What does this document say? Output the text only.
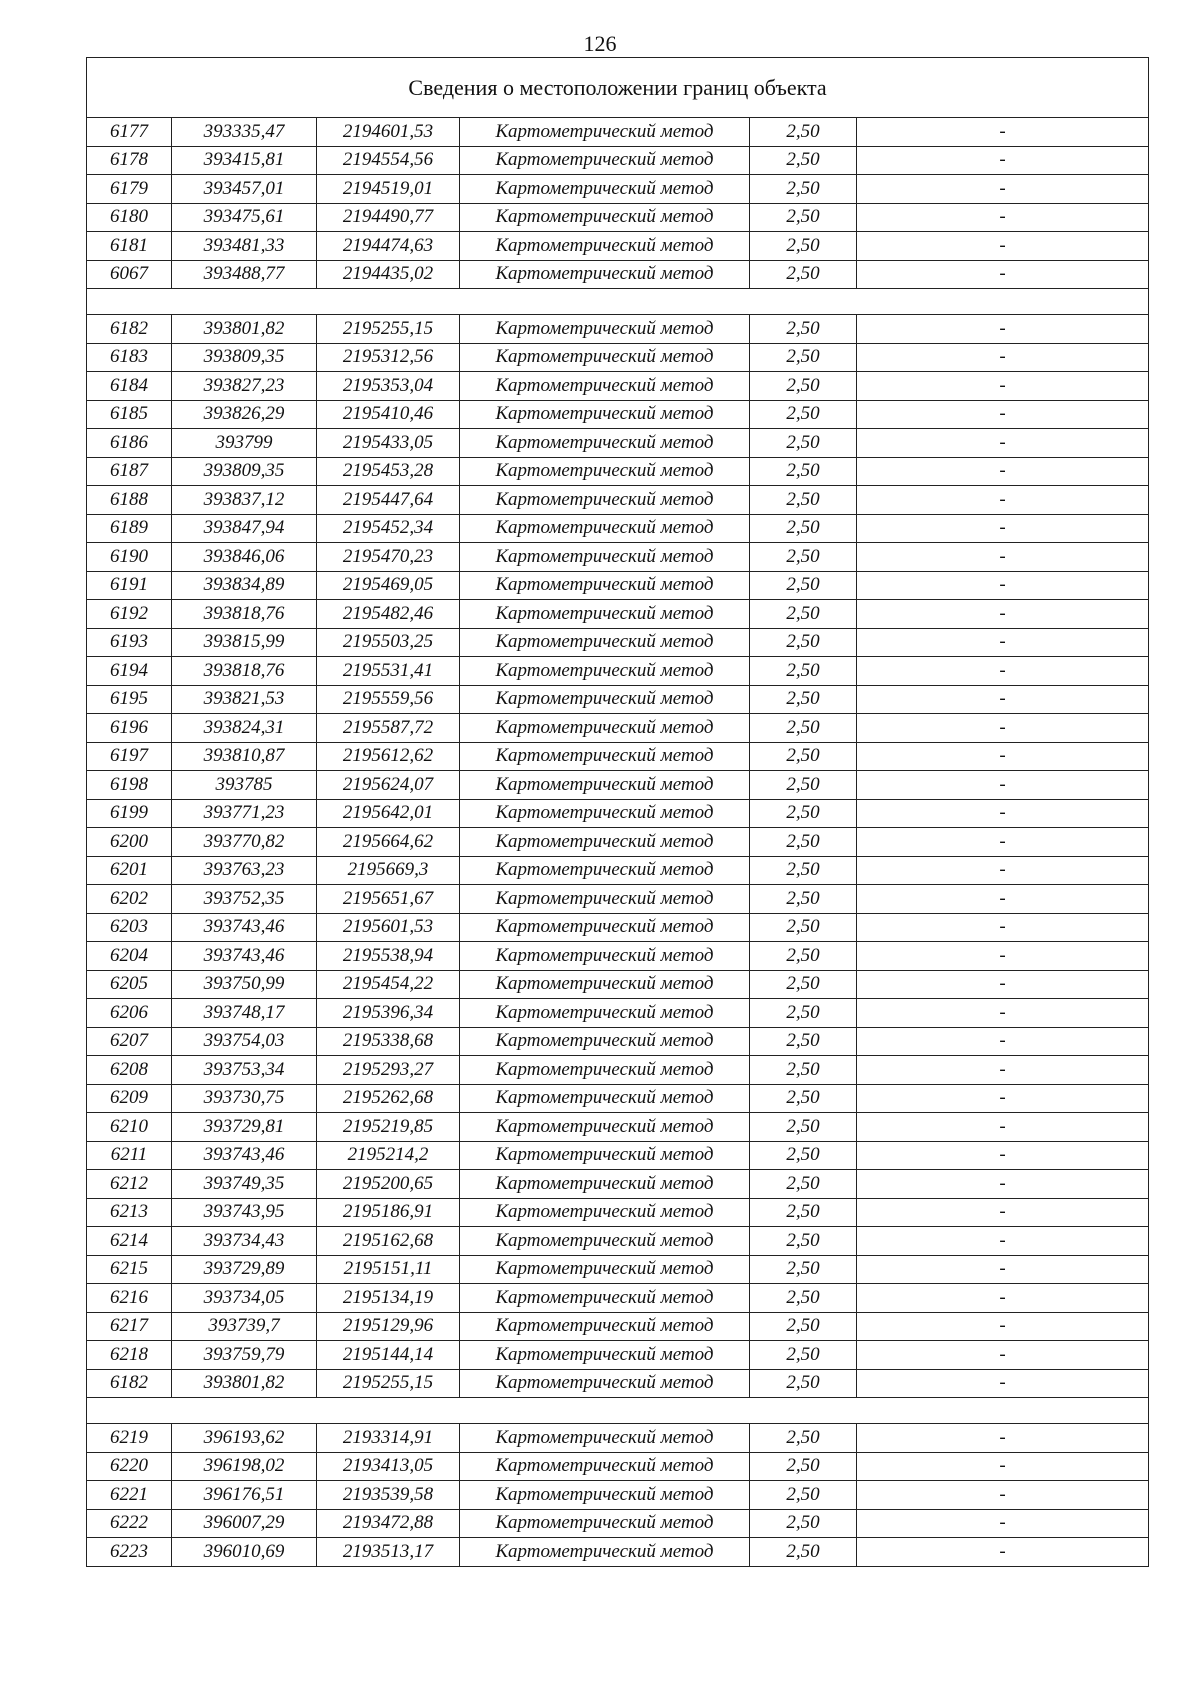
126
Сведения о местоположении границ объекта					
6177	393335,47	2194601,53	Картометрический метод	2,50	-
6178	393415,81	2194554,56	Картометрический метод	2,50	-
6179	393457,01	2194519,01	Картометрический метод	2,50	-
6180	393475,61	2194490,77	Картометрический метод	2,50	-
6181	393481,33	2194474,63	Картометрический метод	2,50	-
6067	393488,77	2194435,02	Картометрический метод	2,50	-

6182	393801,82	2195255,15	Картометрический метод	2,50	-
6183	393809,35	2195312,56	Картометрический метод	2,50	-
6184	393827,23	2195353,04	Картометрический метод	2,50	-
6185	393826,29	2195410,46	Картометрический метод	2,50	-
6186	393799	2195433,05	Картометрический метод	2,50	-
6187	393809,35	2195453,28	Картометрический метод	2,50	-
6188	393837,12	2195447,64	Картометрический метод	2,50	-
6189	393847,94	2195452,34	Картометрический метод	2,50	-
6190	393846,06	2195470,23	Картометрический метод	2,50	-
6191	393834,89	2195469,05	Картометрический метод	2,50	-
6192	393818,76	2195482,46	Картометрический метод	2,50	-
6193	393815,99	2195503,25	Картометрический метод	2,50	-
6194	393818,76	2195531,41	Картометрический метод	2,50	-
6195	393821,53	2195559,56	Картометрический метод	2,50	-
6196	393824,31	2195587,72	Картометрический метод	2,50	-
6197	393810,87	2195612,62	Картометрический метод	2,50	-
6198	393785	2195624,07	Картометрический метод	2,50	-
6199	393771,23	2195642,01	Картометрический метод	2,50	-
6200	393770,82	2195664,62	Картометрический метод	2,50	-
6201	393763,23	2195669,3	Картометрический метод	2,50	-
6202	393752,35	2195651,67	Картометрический метод	2,50	-
6203	393743,46	2195601,53	Картометрический метод	2,50	-
6204	393743,46	2195538,94	Картометрический метод	2,50	-
6205	393750,99	2195454,22	Картометрический метод	2,50	-
6206	393748,17	2195396,34	Картометрический метод	2,50	-
6207	393754,03	2195338,68	Картометрический метод	2,50	-
6208	393753,34	2195293,27	Картометрический метод	2,50	-
6209	393730,75	2195262,68	Картометрический метод	2,50	-
6210	393729,81	2195219,85	Картометрический метод	2,50	-
6211	393743,46	2195214,2	Картометрический метод	2,50	-
6212	393749,35	2195200,65	Картометрический метод	2,50	-
6213	393743,95	2195186,91	Картометрический метод	2,50	-
6214	393734,43	2195162,68	Картометрический метод	2,50	-
6215	393729,89	2195151,11	Картометрический метод	2,50	-
6216	393734,05	2195134,19	Картометрический метод	2,50	-
6217	393739,7	2195129,96	Картометрический метод	2,50	-
6218	393759,79	2195144,14	Картометрический метод	2,50	-
6182	393801,82	2195255,15	Картометрический метод	2,50	-

6219	396193,62	2193314,91	Картометрический метод	2,50	-
6220	396198,02	2193413,05	Картометрический метод	2,50	-
6221	396176,51	2193539,58	Картометрический метод	2,50	-
6222	396007,29	2193472,88	Картометрический метод	2,50	-
6223	396010,69	2193513,17	Картометрический метод	2,50	-
